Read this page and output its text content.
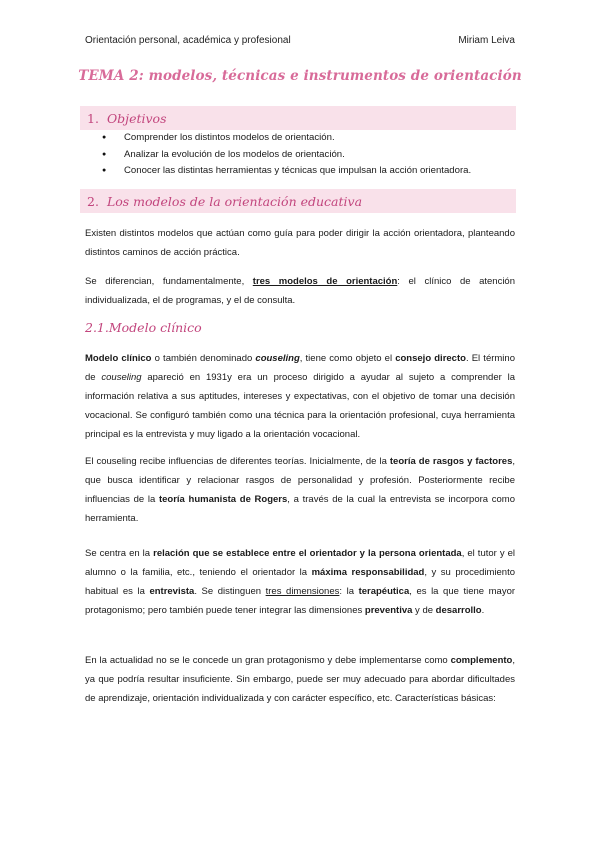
Orientación personal, académica y profesional	Miriam Leiva
TEMA 2: modelos, técnicas e instrumentos de orientación
1. Objetivos
● Comprender los distintos modelos de orientación.
● Analizar la evolución de los modelos de orientación.
● Conocer las distintas herramientas y técnicas que impulsan la acción orientadora.
2. Los modelos de la orientación educativa

Existen distintos modelos que actúan como guía para poder dirigir la acción orientadora, planteando distintos caminos de acción práctica.

Se diferencian, fundamentalmente, tres modelos de orientación: el clínico de atención individualizada, el de programas, y el de consulta.

2.1.Modelo clínico

Modelo clínico o también denominado couseling, tiene como objeto el consejo directo. El término de couseling apareció en 1931y era un proceso dirigido a ayudar al sujeto a comprender la información relativa a sus aptitudes, intereses y expectativas, con el objetivo de tomar una decisión vocacional. Se configuró también como una técnica para la orientación profesional, cuya herramienta principal es la entrevista y muy ligado a la orientación vocacional.

El couseling recibe influencias de diferentes teorías. Inicialmente, de la teoría de rasgos y factores, que busca identificar y relacionar rasgos de personalidad y profesión. Posteriormente recibe influencias de la teoría humanista de Rogers, a través de la cual la entrevista se incorpora como herramienta.

Se centra en la relación que se establece entre el orientador y la persona orientada, el tutor y el alumno o la familia, etc., teniendo el orientador la máxima responsabilidad, y su procedimiento habitual es la entrevista. Se distinguen tres dimensiones: la terapéutica, es la que tiene mayor protagonismo; pero también puede tener integrar las dimensiones preventiva y de desarrollo.

En la actualidad no se le concede un gran protagonismo y debe implementarse como complemento, ya que podría resultar insuficiente. Sin embargo, puede ser muy adecuado para abordar dificultades de aprendizaje, orientación individualizada y con carácter específico, etc. Características básicas:
